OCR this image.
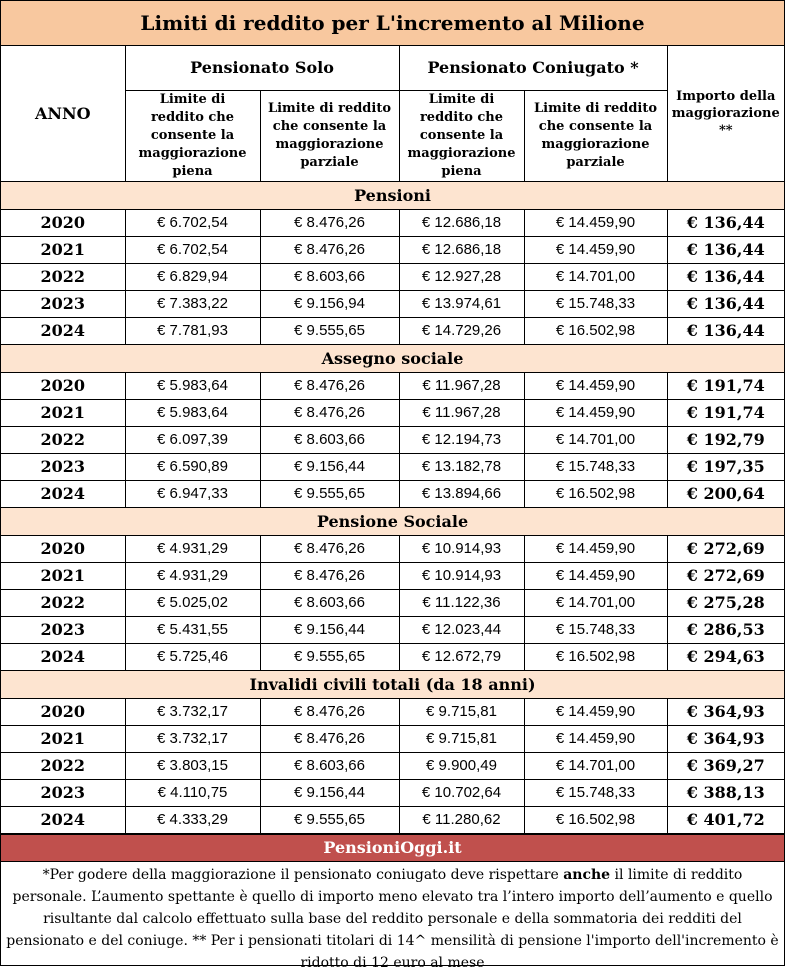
Limiti di reddito per L'incremento al Milione
ANNO	Pensionato Solo		Pensionato Coniugato *		Importo della maggiorazione **
	Limite di reddito che consente la maggiorazione piena	Limite di reddito che consente la maggiorazione parziale	Limite di reddito che consente la maggiorazione piena	Limite di reddito che consente la maggiorazione parziale	
Pensioni					
2020	€ 6.702,54	€ 8.476,26	€ 12.686,18	€ 14.459,90	€ 136,44
2021	€ 6.702,54	€ 8.476,26	€ 12.686,18	€ 14.459,90	€ 136,44
2022	€ 6.829,94	€ 8.603,66	€ 12.927,28	€ 14.701,00	€ 136,44
2023	€ 7.383,22	€ 9.156,94	€ 13.974,61	€ 15.748,33	€ 136,44
2024	€ 7.781,93	€ 9.555,65	€ 14.729,26	€ 16.502,98	€ 136,44
Assegno sociale					
2020	€ 5.983,64	€ 8.476,26	€ 11.967,28	€ 14.459,90	€ 191,74
2021	€ 5.983,64	€ 8.476,26	€ 11.967,28	€ 14.459,90	€ 191,74
2022	€ 6.097,39	€ 8.603,66	€ 12.194,73	€ 14.701,00	€ 192,79
2023	€ 6.590,89	€ 9.156,44	€ 13.182,78	€ 15.748,33	€ 197,35
2024	€ 6.947,33	€ 9.555,65	€ 13.894,66	€ 16.502,98	€ 200,64
Pensione Sociale					
2020	€ 4.931,29	€ 8.476,26	€ 10.914,93	€ 14.459,90	€ 272,69
2021	€ 4.931,29	€ 8.476,26	€ 10.914,93	€ 14.459,90	€ 272,69
2022	€ 5.025,02	€ 8.603,66	€ 11.122,36	€ 14.701,00	€ 275,28
2023	€ 5.431,55	€ 9.156,44	€ 12.023,44	€ 15.748,33	€ 286,53
2024	€ 5.725,46	€ 9.555,65	€ 12.672,79	€ 16.502,98	€ 294,63
Invalidi civili totali (da 18 anni)					
2020	€ 3.732,17	€ 8.476,26	€ 9.715,81	€ 14.459,90	€ 364,93
2021	€ 3.732,17	€ 8.476,26	€ 9.715,81	€ 14.459,90	€ 364,93
2022	€ 3.803,15	€ 8.603,66	€ 9.900,49	€ 14.701,00	€ 369,27
2023	€ 4.110,75	€ 9.156,44	€ 10.702,64	€ 15.748,33	€ 388,13
2024	€ 4.333,29	€ 9.555,65	€ 11.280,62	€ 16.502,98	€ 401,72
PensioniOggi.it
*Per godere della maggiorazione il pensionato coniugato deve rispettare anche il limite di reddito personale. L’aumento spettante è quello di importo meno elevato tra l’intero importo dell’aumento e quello risultante dal calcolo effettuato sulla base del reddito personale e della sommatoria dei redditi del pensionato e del coniuge. ** Per i pensionati titolari di 14^ mensilità di pensione l'importo dell'incremento è ridotto di 12 euro al mese
